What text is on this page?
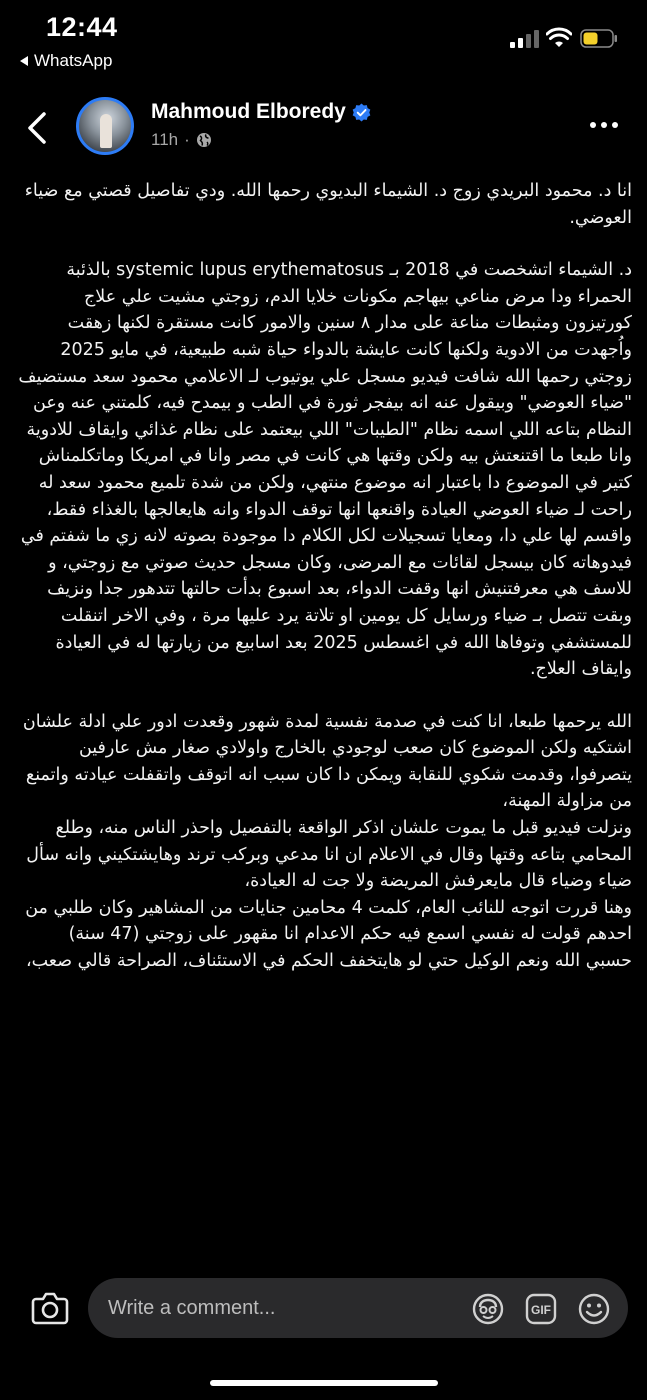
12:44
WhatsApp
Mahmoud Elboredy
11h ·

انا د. محمود البريدي زوج د. الشيماء البديوي رحمها الله. ودي تفاصيل قصتي مع ضياء العوضي.

د. الشيماء اتشخصت في 2018 بـ systemic lupus erythematosus بالذئبة الحمراء ودا مرض مناعي بيهاجم مكونات خلايا الدم، زوجتي مشيت علي علاج كورتيزون ومثبطات مناعة على مدار ٨ سنين والامور كانت مستقرة لكنها زهقت واُجهدت من الادوية ولكنها كانت عايشة بالدواء حياة شبه طبيعية، في مايو 2025 زوجتي رحمها الله شافت فيديو مسجل علي يوتيوب لـ الاعلامي محمود سعد مستضيف "ضياء العوضي" وبيقول عنه انه بيفجر ثورة في الطب و بيمدح فيه، كلمتني عنه وعن النظام بتاعه اللي اسمه نظام "الطيبات" اللي بيعتمد على نظام غذائي وايقاف للادوية وانا طبعا ما اقتنعتش بيه ولكن وقتها هي كانت في مصر وانا في امريكا وماتكلمناش كتير في الموضوع دا باعتبار انه موضوع منتهي، ولكن من شدة تلميع محمود سعد له راحت لـ ضياء العوضي العيادة واقنعها انها توقف الدواء وانه هايعالجها بالغذاء فقط، واقسم لها علي دا، ومعايا تسجيلات لكل الكلام دا موجودة بصوته لانه زي ما شفتم في فيدوهاته كان بيسجل لقائات مع المرضى، وكان مسجل حديث صوتي مع زوجتي، و للاسف هي معرفتنيش انها وقفت الدواء، بعد اسبوع بدأت حالتها تتدهور جدا ونزيف وبقت تتصل بـ ضياء ورسايل كل يومين او تلاتة يرد عليها مرة ، وفي الاخر اتنقلت للمستشفي وتوفاها الله في اغسطس 2025 بعد اسابيع من زيارتها له في العيادة وايقاف العلاج.

الله يرحمها طبعا، انا كنت في صدمة نفسية لمدة شهور وقعدت ادور علي ادلة علشان اشتكيه ولكن الموضوع كان صعب لوجودي بالخارج واولادي صغار مش عارفين يتصرفوا، وقدمت شكوي للنقابة ويمكن دا كان سبب انه اتوقف واتقفلت عيادته واتمنع من مزاولة المهنة،

ونزلت فيديو قبل ما يموت علشان اذكر الواقعة بالتفصيل واحذر الناس منه، وطلع المحامي بتاعه وقتها وقال في الاعلام ان انا مدعي وبركب ترند وهايشتكيني وانه سأل ضياء وضياء قال مايعرفش المريضة ولا جت له العيادة،

وهنا قررت اتوجه للنائب العام، كلمت 4 محامين جنايات من المشاهير وكان طلبي من احدهم قولت له نفسي اسمع فيه حكم الاعدام انا مقهور على زوجتي (47 سنة) حسبي الله ونعم الوكيل حتي لو هايتخفف الحكم في الاستئناف، الصراحة قالي صعب،

Write a comment...	GIF
